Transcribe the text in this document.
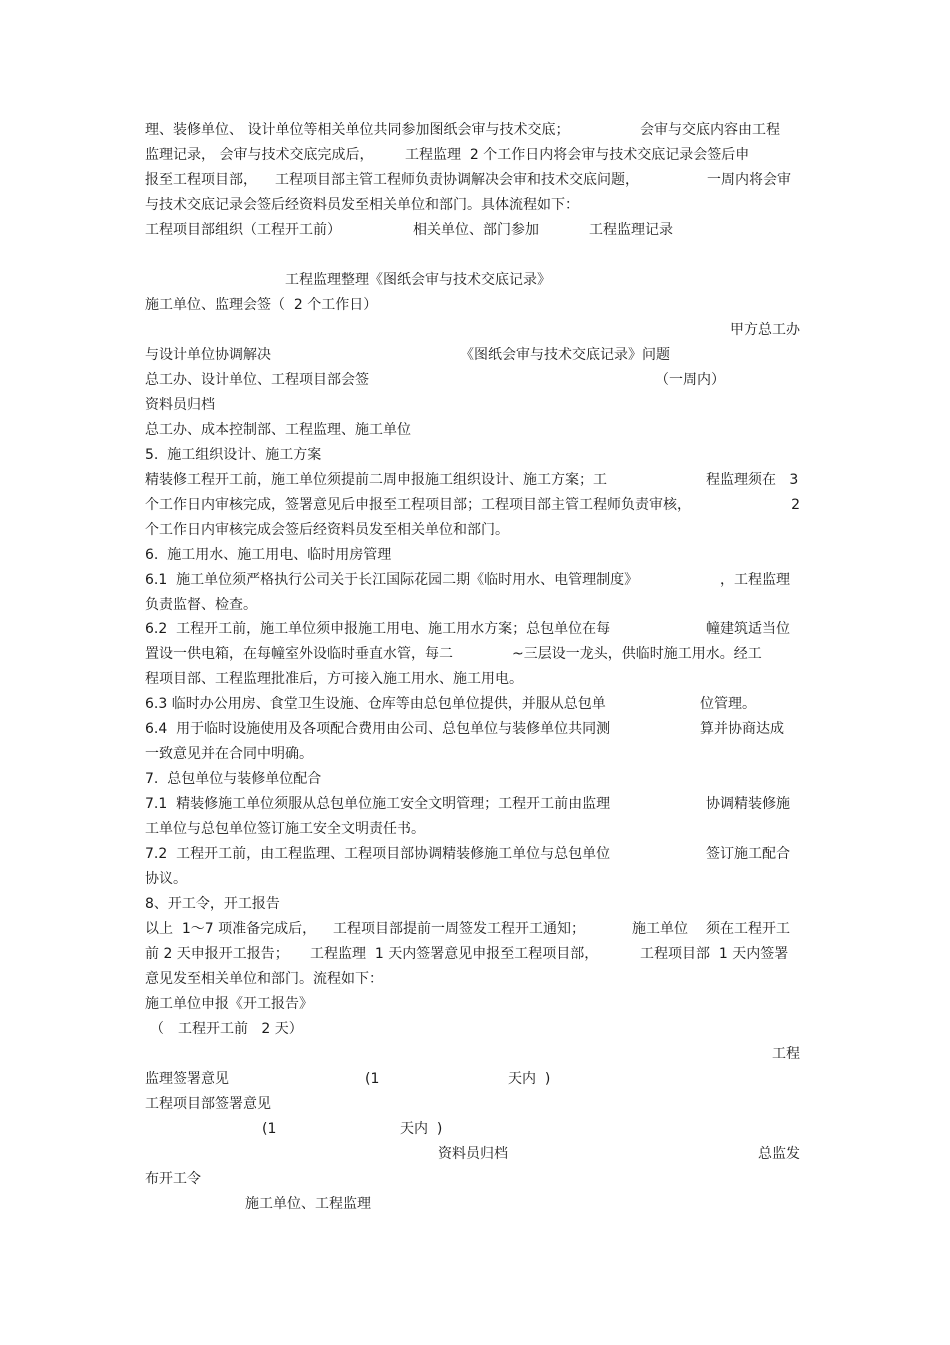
理、装修单位、 设计单位等相关单位共同参加图纸会审与技术交底；	会审与交底内容由工程
监理记录， 会审与技术交底完成后， 工程监理  2 个工作日内将会审与技术交底记录会签后申
报至工程项目部， 工程项目部主管工程师负责协调解决会审和技术交底问题，	一周内将会审
与技术交底记录会签后经资料员发至相关单位和部门。具体流程如下：
工程项目部组织（工程开工前）	相关单位、部门参加	工程监理记录
工程监理整理《图纸会审与技术交底记录》
施工单位、监理会签（  2 个工作日）
甲方总工办
与设计单位协调解决	《图纸会审与技术交底记录》问题
总工办、设计单位、工程项目部会签	（一周内）
资料员归档
总工办、成本控制部、工程监理、施工单位
5.  施工组织设计、施工方案
精装修工程开工前，施工单位须提前二周申报施工组织设计、施工方案；工	程监理须在   3
个工作日内审核完成，签署意见后申报至工程项目部；工程项目部主管工程师负责审核，	2
个工作日内审核完成会签后经资料员发至相关单位和部门。
6.  施工用水、施工用电、临时用房管理
6.1  施工单位须严格执行公司关于长江国际花园二期《临时用水、电管理制度》	，工程监理
负责监督、检查。
6.2  工程开工前，施工单位须申报施工用电、施工用水方案；总包单位在每	幢建筑适当位
置设一供电箱，在每幢室外设临时垂直水管，每二	~三层设一龙头，供临时施工用水。经工
程项目部、工程监理批准后，方可接入施工用水、施工用电。
6.3 临时办公用房、食堂卫生设施、仓库等由总包单位提供，并服从总包单	位管理。
6.4  用于临时设施使用及各项配合费用由公司、总包单位与装修单位共同测	算并协商达成
一致意见并在合同中明确。
7.  总包单位与装修单位配合
7.1  精装修施工单位须服从总包单位施工安全文明管理；工程开工前由监理	协调精装修施
工单位与总包单位签订施工安全文明责任书。
7.2  工程开工前，由工程监理、工程项目部协调精装修施工单位与总包单位	签订施工配合
协议。
8、开工令，开工报告
以上  1～7 项准备完成后， 工程项目部提前一周签发工程开工通知；	施工单位 须在工程开工
前 2 天申报开工报告； 工程监理  1 天内签署意见申报至工程项目部，	工程项目部  1 天内签署
意见发至相关单位和部门。流程如下：
施工单位申报《开工报告》
（ 工程开工前   2 天）
工程
监理签署意见	(1	天内  )
工程项目部签署意见
(1	天内  )
资料员归档	总监发
布开工令
施工单位、工程监理
